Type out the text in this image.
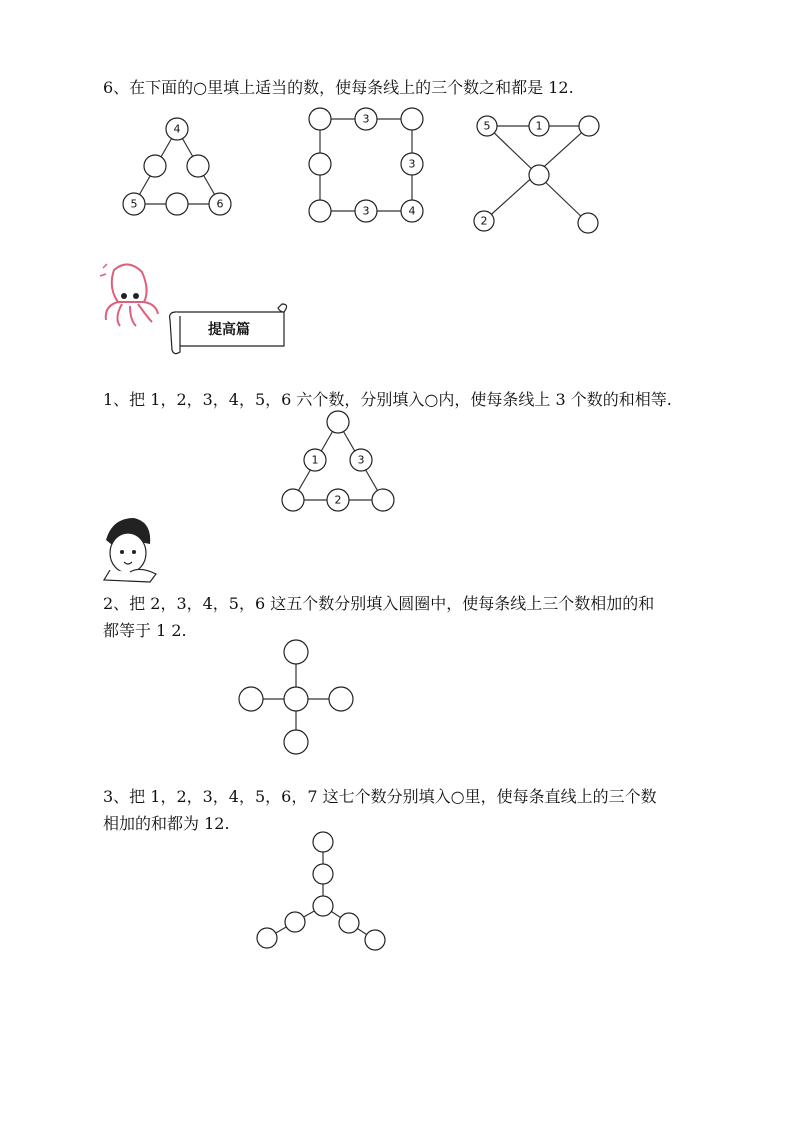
6、在下面的○里填上适当的数，使每条线上的三个数之和都是 12.
4
5	6
3
3
3	4
5	1
2
提高篇
1	3
2
1、把 1，2，3，4，5，6 六个数，分别填入○内，使每条线上 3 个数的和相等.
2、把 2，3，4，5，6 这五个数分别填入圆圈中，使每条线上三个数相加的和
都等于 1 2.
3、把 1，2，3，4，5，6，7 这七个数分别填入○里，使每条直线上的三个数
相加的和都为 12.
